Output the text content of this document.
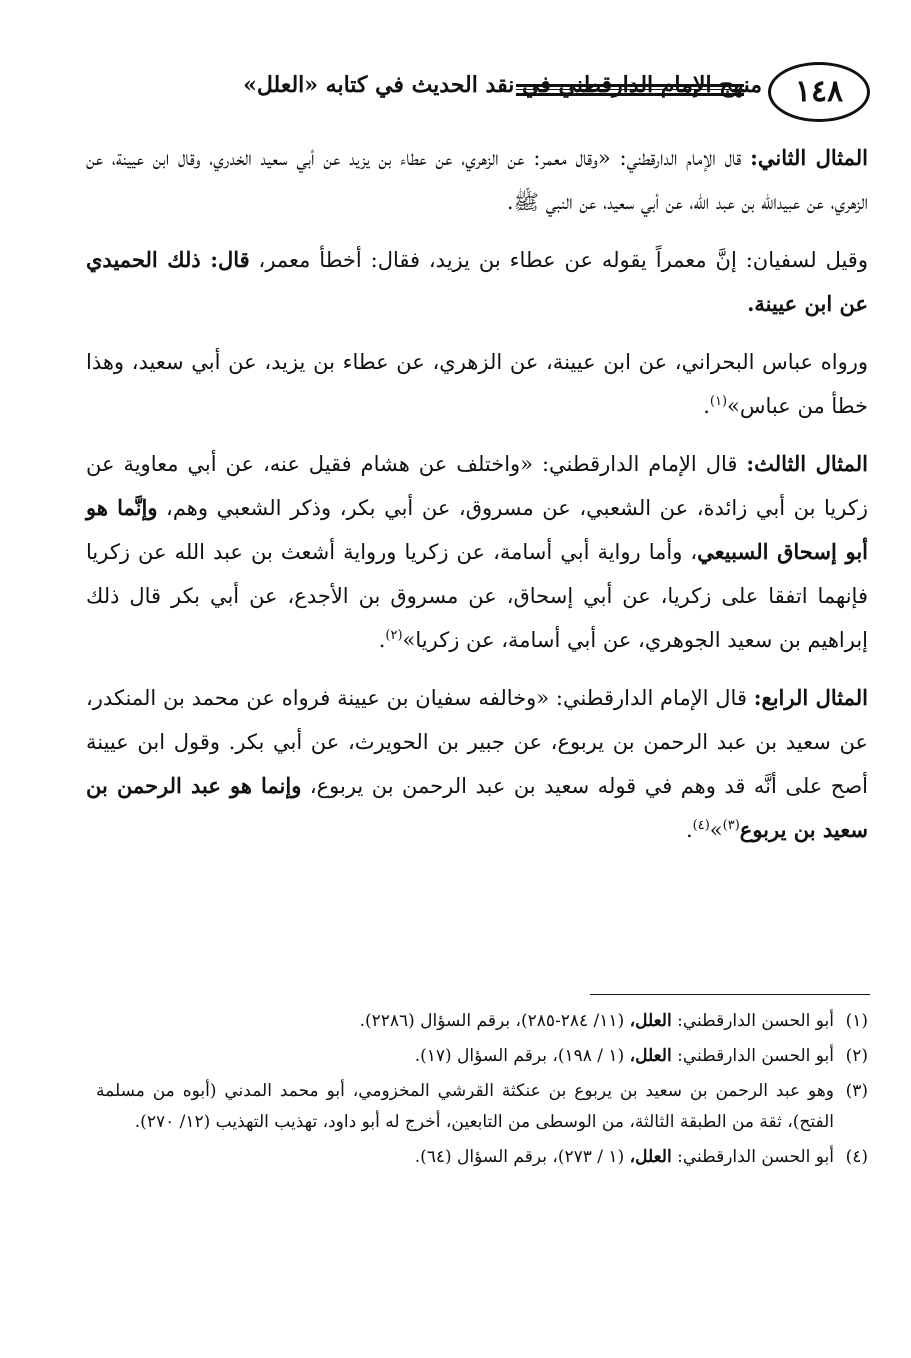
١٤٨
منهج الإمام الدارقطني في نقد الحديث في كتابه «العلل»

المثال الثاني: قال الإمام الدارقطني: «وقال معمر: عن الزهري، عن عطاء بن يزيد عن أبي سعيد الخدري، وقال ابن عيينة، عن الزهري، عن عبيدالله بن عبد الله، عن أبي سعيد، عن النبي ﷺ.

وقيل لسفيان: إنَّ معمراً يقوله عن عطاء بن يزيد، فقال: أخطأ معمر، قال: ذلك الحميدي عن ابن عيينة.

ورواه عباس البحراني، عن ابن عيينة، عن الزهري، عن عطاء بن يزيد، عن أبي سعيد، وهذا خطأ من عباس»$^{(١)}$.

المثال الثالث: قال الإمام الدارقطني: «واختلف عن هشام فقيل عنه، عن أبي معاوية عن زكريا بن أبي زائدة، عن الشعبي، عن مسروق، عن أبي بكر، وذكر الشعبي وهم، وإنَّما هو أبو إسحاق السبيعي، وأما رواية أبي أسامة، عن زكريا ورواية أشعث بن عبد الله عن زكريا فإنهما اتفقا على زكريا، عن أبي إسحاق، عن مسروق بن الأجدع، عن أبي بكر قال ذلك إبراهيم بن سعيد الجوهري، عن أبي أسامة، عن زكريا»$^{(٢)}$.

المثال الرابع: قال الإمام الدارقطني: «وخالفه سفيان بن عيينة فرواه عن محمد بن المنكدر، عن سعيد بن عبد الرحمن بن يربوع، عن جبير بن الحويرث، عن أبي بكر. وقول ابن عيينة أصح على أنَّه قد وهم في قوله سعيد بن عبد الرحمن بن يربوع، وإنما هو عبد الرحمن بن سعيد بن يربوع$^{(٣)}$»$^{(٤)}$.

(١)
أبو الحسن الدارقطني: العلل، (١١/ ٢٨٤-٢٨٥)، برقم السؤال (٢٢٨٦).
(٢)
أبو الحسن الدارقطني: العلل، (١ / ١٩٨)، برقم السؤال (١٧).
(٣)
وهو عبد الرحمن بن سعيد بن يربوع بن عنكثة القرشي المخزومي، أبو محمد المدني (أبوه من مسلمة الفتح)، ثقة من الطبقة الثالثة، من الوسطى من التابعين، أخرج له أبو داود، تهذيب التهذيب (١٢/ ٢٧٠).
(٤)
أبو الحسن الدارقطني: العلل، (١ / ٢٧٣)، برقم السؤال (٦٤).
